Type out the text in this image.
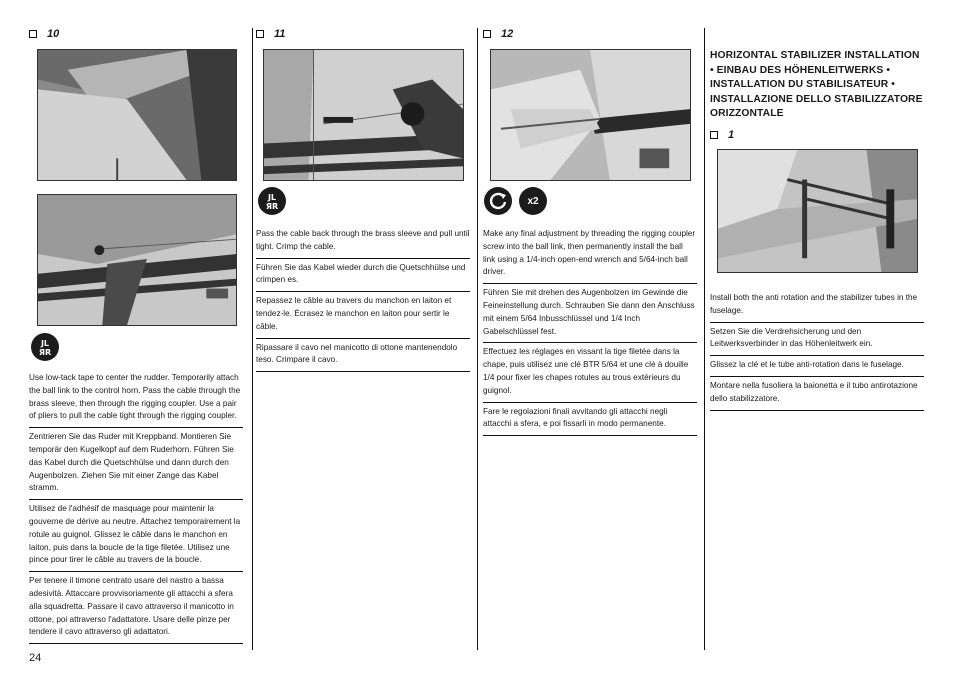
10
JL
ЯR
Use low-tack tape to center the rudder. Temporarily attach the ball link to the control horn. Pass the cable through the brass sleeve, then through the rigging coupler. Use a pair of pliers to pull the cable tight through the rigging coupler.
Zentrieren Sie das Ruder mit Kreppband. Montieren Sie temporär den Kugelkopf auf dem Ruderhorn. Führen Sie das Kabel durch die Quetschhülse und dann durch den Augenbolzen. Ziehen Sie mit einer Zange das Kabel stramm.
Utilisez de l'adhésif de masquage pour maintenir la gouverne de dérive au neutre. Attachez temporairement la rotule au guignol. Glissez le câble dans le manchon en laiton, puis dans la boucle de la tige filetée. Utilisez une pince pour tirer le câble au travers de la boucle.
Per tenere il timone centrato usare del nastro a bassa adesività. Attaccare provvisoriamente gli attacchi a sfera alla squadretta. Passare il cavo attraverso il manicotto in ottone, poi attraverso l'adattatore. Usare delle pinze per tendere il cavo attraverso gli adattatori.
11
JL
ЯR
Pass the cable back through the brass sleeve and pull until tight. Crimp the cable.
Führen Sie das Kabel wieder durch die Quetschhülse und crimpen es.
Repassez le câble au travers du manchon en laiton et tendez-le. Écrasez le manchon en laiton pour sertir le câble.
Ripassare il cavo nel manicotto di ottone mantenendolo teso. Crimpare il cavo.
12
x2
Make any final adjustment by threading the rigging coupler screw into the ball link, then permanently install the ball link using a 1/4-inch open-end wrench and 5/64-inch ball driver.
Führen Sie mit drehen des Augenbolzen im Gewinde die Feineinstellung durch. Schrauben Sie dann den Anschluss mit einem 5/64 Inbusschlüssel und 1/4 Inch Gabelschlüssel fest.
Effectuez les réglages en vissant la tige filetée dans la chape, puis utilisez une clé BTR 5/64 et une clé à douille 1/4 pour fixer les chapes rotules au trous extérieurs du guignol.
Fare le regolazioni finali avvitando gli attacchi negli attacchi a sfera, e poi fissarli in modo permanente.
HORIZONTAL STABILIZER INSTALLATION
• EINBAU DES HÖHENLEITWERKS •
INSTALLATION DU STABILISATEUR •
INSTALLAZIONE DELLO STABILIZZATORE
ORIZZONTALE
1
Install both the anti rotation and the stabilizer tubes in the fuselage.
Setzen Sie die Verdrehsicherung und den Leitwerksverbinder in das Höhenleitwerk ein.
Glissez la clé et le tube anti-rotation dans le fuselage.
Montare nella fusoliera la baionetta e il tubo antirotazione dello stabilizzatore.
24
